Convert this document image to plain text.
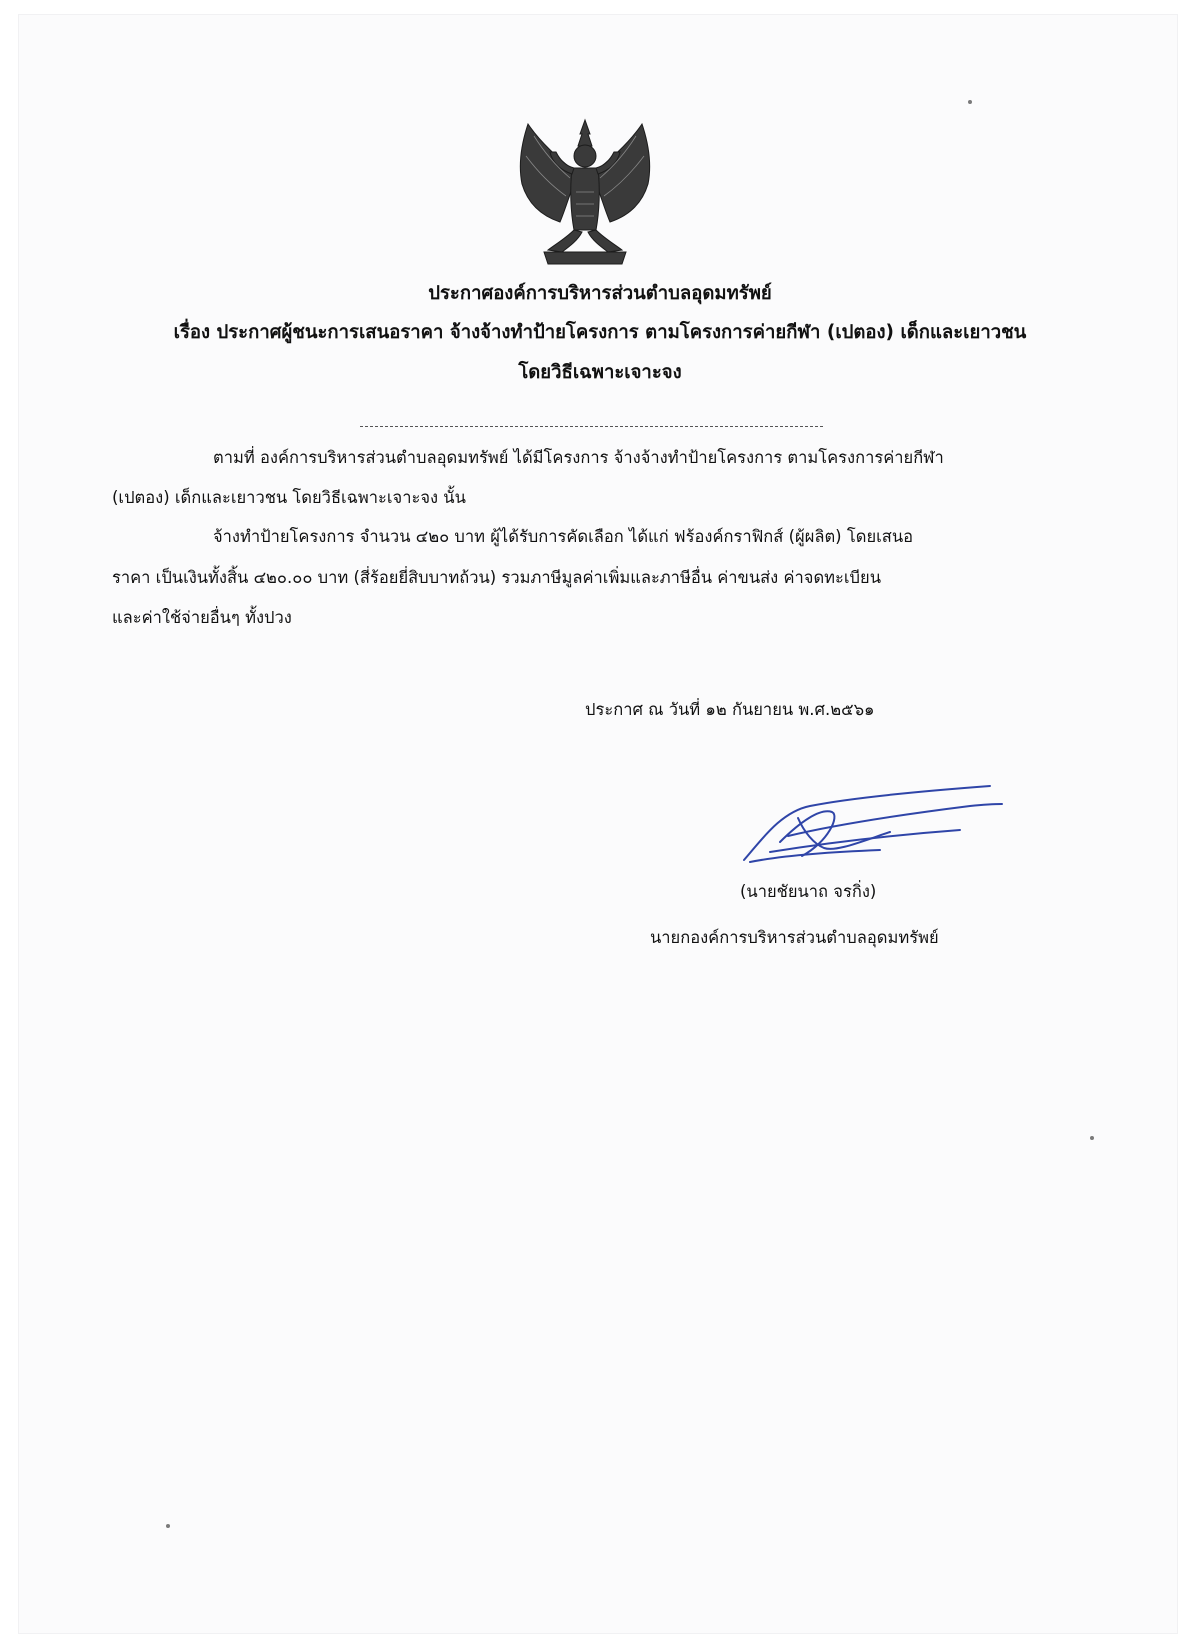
ประกาศองค์การบริหารส่วนตำบลอุดมทรัพย์
เรื่อง ประกาศผู้ชนะการเสนอราคา จ้างจ้างทำป้ายโครงการ ตามโครงการค่ายกีฬา (เปตอง) เด็กและเยาวชน
โดยวิธีเฉพาะเจาะจง
ตามที่ องค์การบริหารส่วนตำบลอุดมทรัพย์ ได้มีโครงการ จ้างจ้างทำป้ายโครงการ ตามโครงการค่ายกีฬา
(เปตอง) เด็กและเยาวชน โดยวิธีเฉพาะเจาะจง นั้น
จ้างทำป้ายโครงการ จำนวน ๔๒๐ บาท ผู้ได้รับการคัดเลือก ได้แก่ ฟร้องค์กราฟิกส์ (ผู้ผลิต) โดยเสนอ
ราคา เป็นเงินทั้งสิ้น ๔๒๐.๐๐ บาท (สี่ร้อยยี่สิบบาทถ้วน) รวมภาษีมูลค่าเพิ่มและภาษีอื่น ค่าขนส่ง ค่าจดทะเบียน
และค่าใช้จ่ายอื่นๆ ทั้งปวง
ประกาศ ณ วันที่ ๑๒ กันยายน พ.ศ.๒๕๖๑
(นายชัยนาถ จรกิ่ง)
นายกองค์การบริหารส่วนตำบลอุดมทรัพย์
